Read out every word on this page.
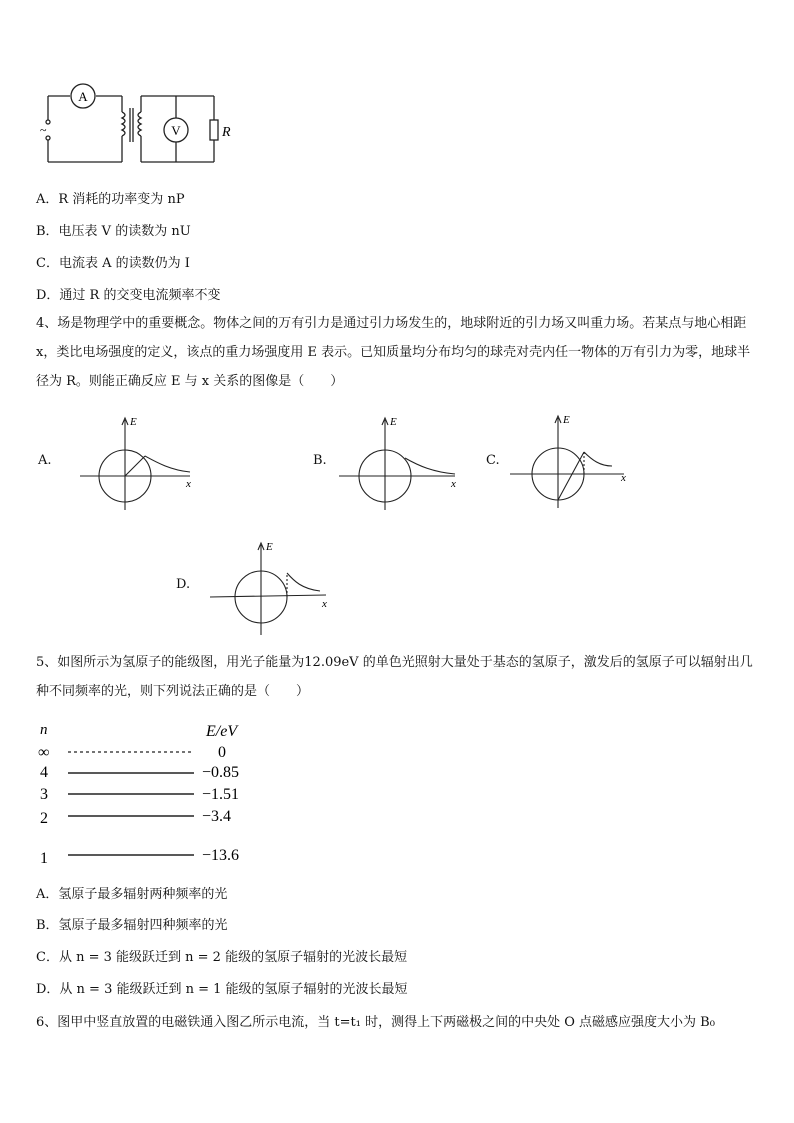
A
V	R
~
A．R 消耗的功率变为 nP
B．电压表 V 的读数为 nU
C．电流表 A 的读数仍为 I
D．通过 R 的交变电流频率不变
4、场是物理学中的重要概念。物体之间的万有引力是通过引力场发生的，地球附近的引力场又叫重力场。若某点与地心相距 x，类比电场强度的定义，该点的重力场强度用 E 表示。已知质量均分布均匀的球壳对壳内任一物体的万有引力为零，地球半径为 R。则能正确反应 E 与 x 关系的图像是（　　）
A.
E
x
B.
E
x
C.
E
x
D.
E
x
5、如图所示为氢原子的能级图，用光子能量为12.09eV 的单色光照射大量处于基态的氢原子，激发后的氢原子可以辐射出几种不同频率的光，则下列说法正确的是（　　）
n	E/eV
∞	0
4	−0.85
3	−1.51
2	−3.4
1	−13.6
A．氢原子最多辐射两种频率的光
B．氢原子最多辐射四种频率的光
C．从 n = 3 能级跃迁到 n = 2 能级的氢原子辐射的光波长最短
D．从 n = 3 能级跃迁到 n = 1 能级的氢原子辐射的光波长最短
6、图甲中竖直放置的电磁铁通入图乙所示电流，当 t=t₁ 时，测得上下两磁极之间的中央处 O 点磁感应强度大小为 B₀
